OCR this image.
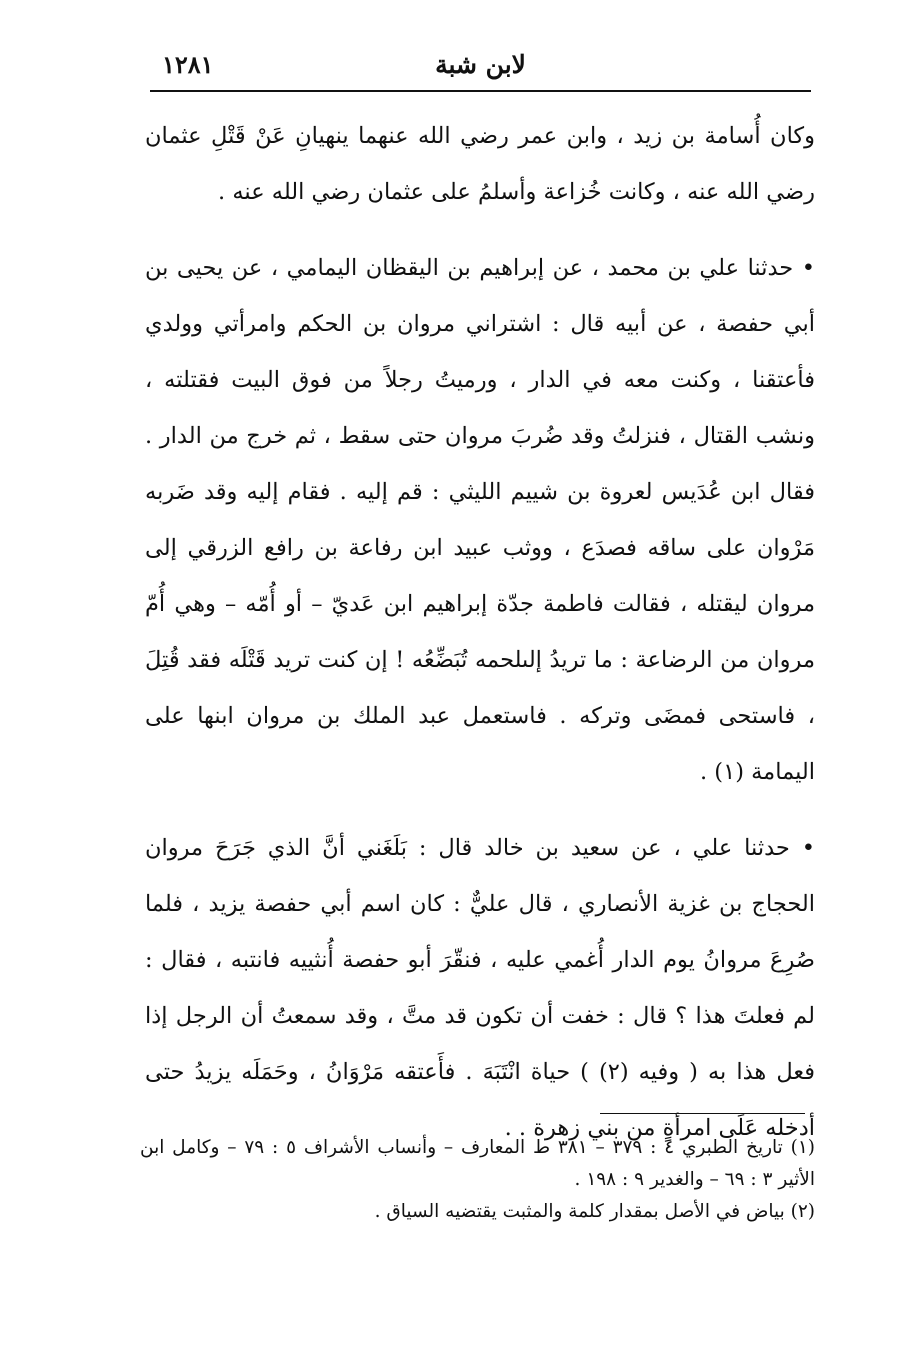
لابن شبة
١٢٨١

وكان أُسامة بن زيد ، وابن عمر رضي الله عنهما ينهيانِ عَنْ قَتْلِ عثمان رضي الله عنه ، وكانت خُزاعة وأسلمُ على عثمان رضي الله عنه .

• حدثنا علي بن محمد ، عن إبراهيم بن اليقظان اليمامي ، عن يحيى بن أبي حفصة ، عن أبيه قال : اشتراني مروان بن الحكم وامرأتي وولدي فأعتقنا ، وكنت معه في الدار ، ورميتُ رجلاً من فوق البيت فقتلته ، ونشب القتال ، فنزلتُ وقد ضُربَ مروان حتى سقط ، ثم خرج من الدار . فقال ابن عُدَيس لعروة بن شييم الليثي : قم إليه . فقام إليه وقد ضَربه مَرْوان على ساقه فصدَع ، ووثب عبيد ابن رفاعة بن رافع الزرقي إلى مروان ليقتله ، فقالت فاطمة جدّة إبراهيم ابن عَديّ – أو أُمّه – وهي أُمّ مروان من الرضاعة : ما تريدُ إلىلحمه تُبَضِّعُه ! إن كنت تريد قَتْلَه فقد قُتِلَ ، فاستحى فمضَى وتركه . فاستعمل عبد الملك بن مروان ابنها على اليمامة (١) .

• حدثنا علي ، عن سعيد بن خالد قال : بَلَغَني أنَّ الذي جَرَحَ مروان الحجاج بن غزية الأنصاري ، قال عليٌّ : كان اسم أبي حفصة يزيد ، فلما صُرِعَ مروانُ يوم الدار أُغمي عليه ، فنقّرَ أبو حفصة أُنثييه فانتبه ، فقال : لم فعلتَ هذا ؟ قال : خفت أن تكون قد متَّ ، وقد سمعتُ أن الرجل إذا فعل هذا به ( وفيه (٢) ) حياة انْتَبَهَ . فأَعتقه مَرْوَانُ ، وحَمَلَه يزيدُ حتى أدخله عَلَى امرأةٍ من بني زهرة . .

(١) تاريخ الطبري ٤ : ٣٧٩ – ٣٨١ ط المعارف – وأنساب الأشراف ٥ : ٧٩ – وكامل ابن الأثير ٣ : ٦٩ – والغدير ٩ : ١٩٨ .

(٢) بياض في الأصل بمقدار كلمة والمثبت يقتضيه السياق .
